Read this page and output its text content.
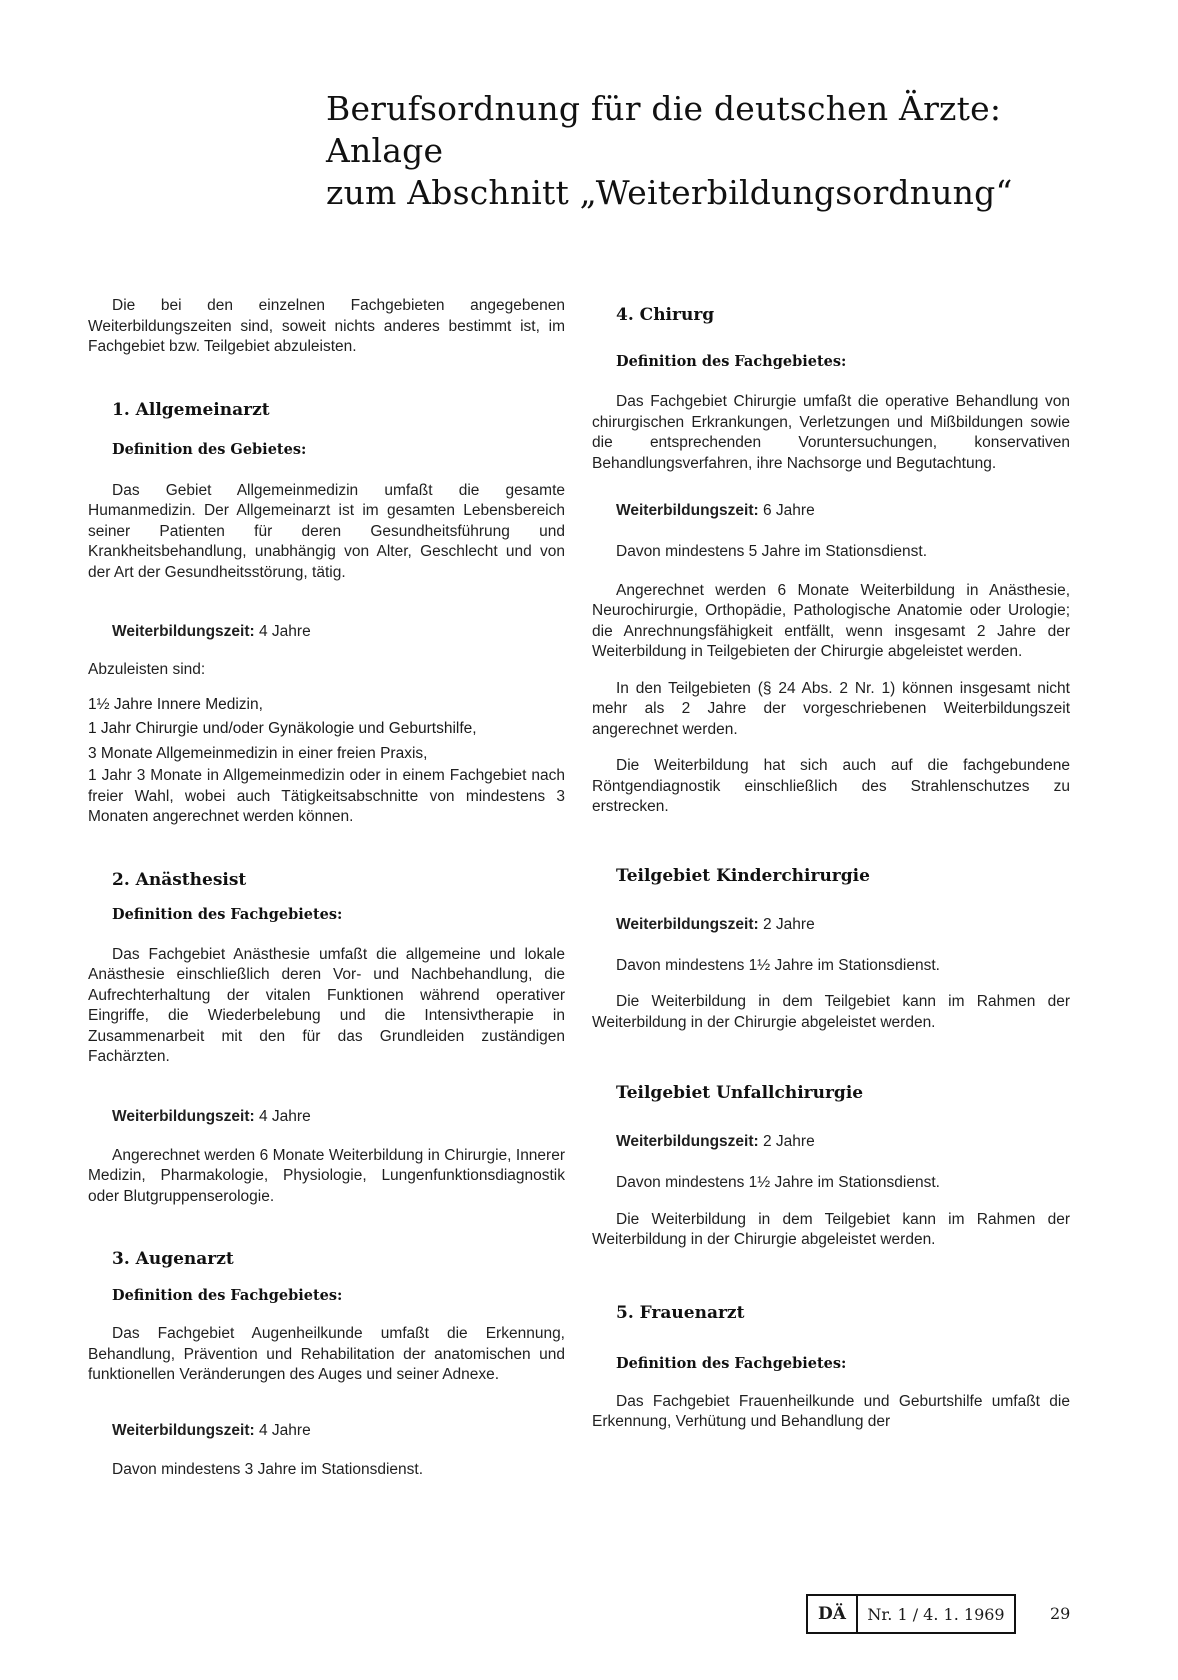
Berufsordnung für die deutschen Ärzte:
Anlage
zum Abschnitt „Weiterbildungsordnung“

Die bei den einzelnen Fachgebieten angegebenen Weiterbildungszeiten sind, soweit nichts anderes bestimmt ist, im Fachgebiet bzw. Teilgebiet abzuleisten.

1. Allgemeinarzt

Definition des Gebietes:

Das Gebiet Allgemeinmedizin umfaßt die gesamte Humanmedizin. Der Allgemeinarzt ist im gesamten Lebensbereich seiner Patienten für deren Gesundheitsführung und Krankheitsbehandlung, unabhängig von Alter, Geschlecht und von der Art der Gesundheitsstörung, tätig.

Weiterbildungszeit: 4 Jahre

Abzuleisten sind:

1½ Jahre Innere Medizin,

1 Jahr Chirurgie und/oder Gynäkologie und Geburtshilfe,

3 Monate Allgemeinmedizin in einer freien Praxis,

1 Jahr 3 Monate in Allgemeinmedizin oder in einem Fachgebiet nach freier Wahl, wobei auch Tätigkeitsabschnitte von mindestens 3 Monaten angerechnet werden können.

2. Anästhesist

Definition des Fachgebietes:

Das Fachgebiet Anästhesie umfaßt die allgemeine und lokale Anästhesie einschließlich deren Vor- und Nachbehandlung, die Aufrechterhaltung der vitalen Funktionen während operativer Eingriffe, die Wiederbelebung und die Intensivtherapie in Zusammenarbeit mit den für das Grundleiden zuständigen Fachärzten.

Weiterbildungszeit: 4 Jahre

Angerechnet werden 6 Monate Weiterbildung in Chirurgie, Innerer Medizin, Pharmakologie, Physiologie, Lungenfunktionsdiagnostik oder Blutgruppenserologie.

3. Augenarzt

Definition des Fachgebietes:

Das Fachgebiet Augenheilkunde umfaßt die Erkennung, Behandlung, Prävention und Rehabilitation der anatomischen und funktionellen Veränderungen des Auges und seiner Adnexe.

Weiterbildungszeit: 4 Jahre

Davon mindestens 3 Jahre im Stationsdienst.

4. Chirurg

Definition des Fachgebietes:

Das Fachgebiet Chirurgie umfaßt die operative Behandlung von chirurgischen Erkrankungen, Verletzungen und Mißbildungen sowie die entsprechenden Voruntersuchungen, konservativen Behandlungsverfahren, ihre Nachsorge und Begutachtung.

Weiterbildungszeit: 6 Jahre

Davon mindestens 5 Jahre im Stationsdienst.

Angerechnet werden 6 Monate Weiterbildung in Anästhesie, Neurochirurgie, Orthopädie, Pathologische Anatomie oder Urologie; die Anrechnungsfähigkeit entfällt, wenn insgesamt 2 Jahre der Weiterbildung in Teilgebieten der Chirurgie abgeleistet werden.

In den Teilgebieten (§ 24 Abs. 2 Nr. 1) können insgesamt nicht mehr als 2 Jahre der vorgeschriebenen Weiterbildungszeit angerechnet werden.

Die Weiterbildung hat sich auch auf die fachgebundene Röntgendiagnostik einschließlich des Strahlenschutzes zu erstrecken.

Teilgebiet Kinderchirurgie

Weiterbildungszeit: 2 Jahre

Davon mindestens 1½ Jahre im Stationsdienst.

Die Weiterbildung in dem Teilgebiet kann im Rahmen der Weiterbildung in der Chirurgie abgeleistet werden.

Teilgebiet Unfallchirurgie

Weiterbildungszeit: 2 Jahre

Davon mindestens 1½ Jahre im Stationsdienst.

Die Weiterbildung in dem Teilgebiet kann im Rahmen der Weiterbildung in der Chirurgie abgeleistet werden.

5. Frauenarzt

Definition des Fachgebietes:

Das Fachgebiet Frauenheilkunde und Geburtshilfe umfaßt die Erkennung, Verhütung und Behandlung der

DÄ	Nr. 1 / 4. 1. 1969	29
